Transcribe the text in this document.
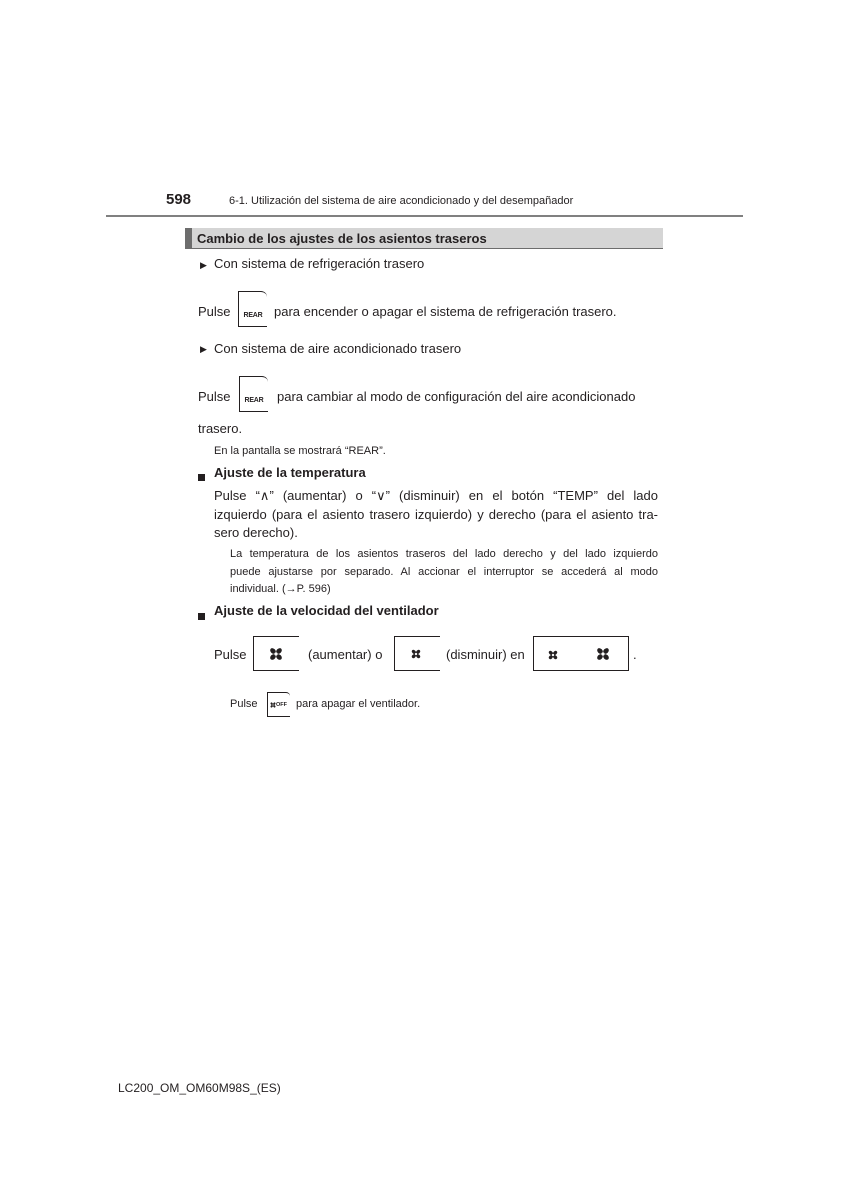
598	6-1. Utilización del sistema de aire acondicionado y del desempañador
Cambio de los ajustes de los asientos traseros
▶ Con sistema de refrigeración trasero
Pulse	REAR para encender o apagar el sistema de refrigeración trasero.
▶ Con sistema de aire acondicionado trasero
Pulse	REAR	para cambiar al modo de configuración del aire acondicionado
trasero.
En la pantalla se mostrará “REAR”.
Ajuste de la temperatura
Pulse “∧” (aumentar) o “∨” (disminuir) en el botón “TEMP” del lado
izquierdo (para el asiento trasero izquierdo) y derecho (para el asiento tra-
sero derecho).
La temperatura de los asientos traseros del lado derecho y del lado izquierdo
puede ajustarse por separado. Al accionar el interruptor se accederá al modo
individual. (→P. 596)
Ajuste de la velocidad del ventilador
Pulse	(aumentar) o	(disminuir) en	.
Pulse	OFF para apagar el ventilador.
LC200_OM_OM60M98S_(ES)
